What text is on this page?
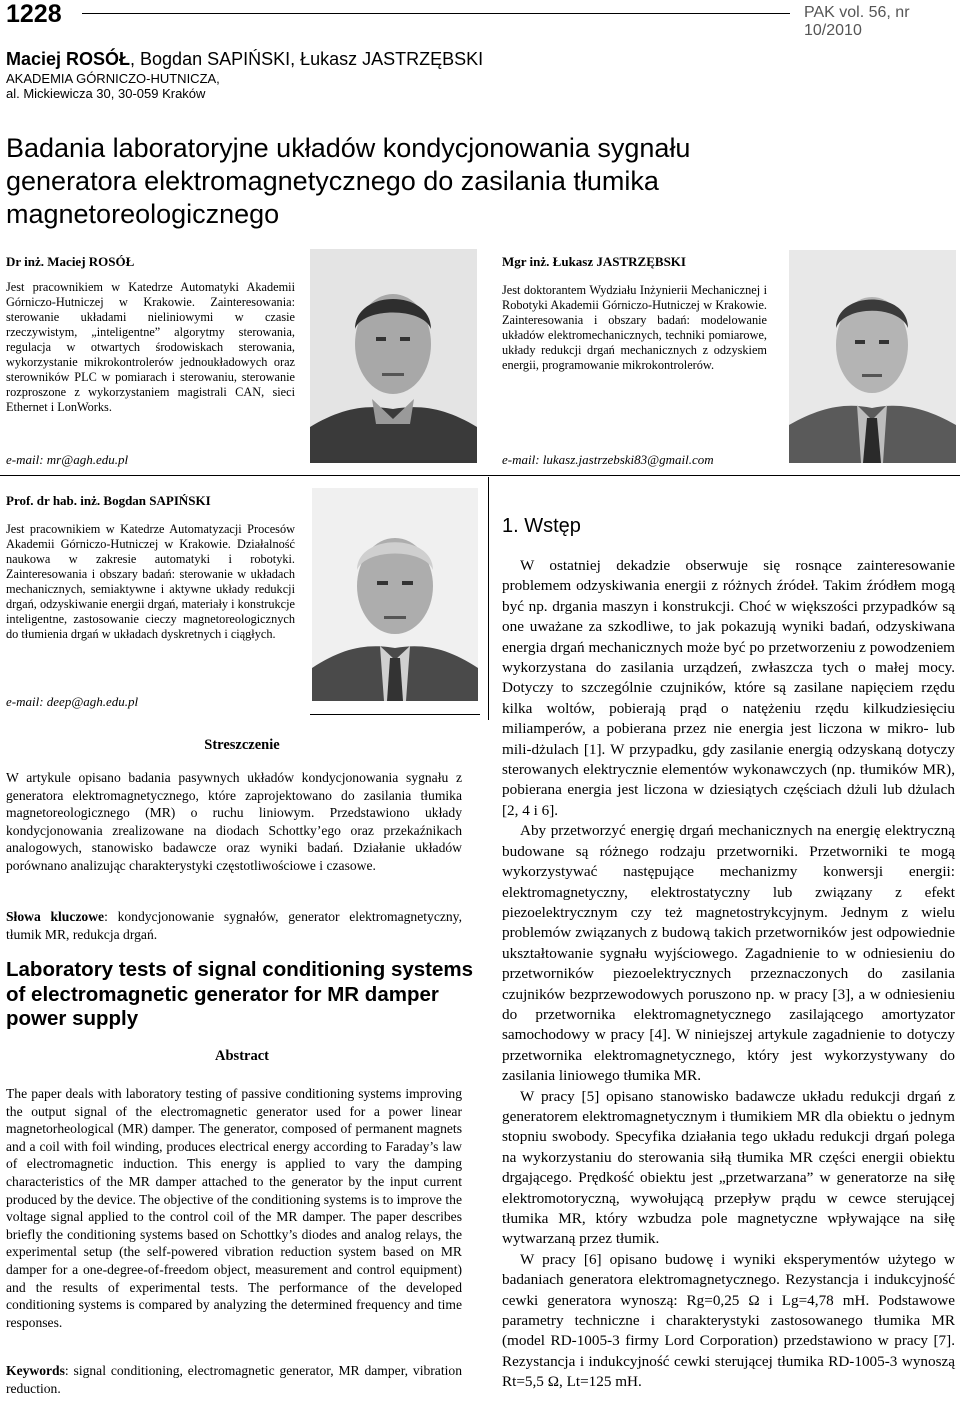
1228	PAK vol. 56, nr 10/2010
Maciej ROSÓŁ, Bogdan SAPIŃSKI, Łukasz JASTRZĘBSKI
AKADEMIA GÓRNICZO-HUTNICZA,
al. Mickiewicza 30, 30-059 Kraków
Badania laboratoryjne układów kondycjonowania sygnału generatora elektromagnetycznego do zasilania tłumika magnetoreologicznego
Dr inż. Maciej ROSÓŁ
Jest pracownikiem w Katedrze Automatyki Akademii Górniczo-Hutniczej w Krakowie. Zainteresowania: sterowanie układami nieliniowymi w czasie rzeczywistym, „inteligentne” algorytmy sterowania, regulacja w otwartych środowiskach sterowania, wykorzystanie mikrokontrolerów jednoukładowych oraz sterowników PLC w pomiarach i sterowaniu, sterowanie rozproszone z wykorzystaniem magistrali CAN, sieci Ethernet i LonWorks.
e-mail: mr@agh.edu.pl
Mgr inż. Łukasz JASTRZĘBSKI
Jest doktorantem Wydziału Inżynierii Mechanicznej i Robotyki Akademii Górniczo-Hutniczej w Krakowie. Zainteresowania i obszary badań: modelowanie układów elektromechanicznych, techniki pomiarowe, układy redukcji drgań mechanicznych z odzyskiem energii, programowanie mikrokontrolerów.
e-mail: lukasz.jastrzebski83@gmail.com
Prof. dr hab. inż. Bogdan SAPIŃSKI
Jest pracownikiem w Katedrze Automatyzacji Procesów Akademii Górniczo-Hutniczej w Krakowie. Działalność naukowa w zakresie automatyki i robotyki. Zainteresowania i obszary badań: sterowanie w układach mechanicznych, semiaktywne i aktywne układy redukcji drgań, odzyskiwanie energii drgań, materiały i konstrukcje inteligentne, zastosowanie cieczy magnetoreologicznych do tłumienia drgań w układach dyskretnych i ciągłych.
e-mail: deep@agh.edu.pl
Streszczenie
W artykule opisano badania pasywnych układów kondycjonowania sygnału z generatora elektromagnetycznego, które zaprojektowano do zasilania tłumika magnetoreologicznego (MR) o ruchu liniowym. Przedstawiono układy kondycjonowania zrealizowane na diodach Schottky’ego oraz przekaźnikach analogowych, stanowisko badawcze oraz wyniki badań. Działanie układów porównano analizując charakterystyki częstotliwościowe i czasowe.
Słowa kluczowe: kondycjonowanie sygnałów, generator elektromagnetyczny, tłumik MR, redukcja drgań.
Laboratory tests of signal conditioning systems of electromagnetic generator for MR damper power supply
Abstract
The paper deals with laboratory testing of passive conditioning systems improving the output signal of the electromagnetic generator used for a power linear magnetorheological (MR) damper. The generator, composed of permanent magnets and a coil with foil winding, produces electrical energy according to Faraday’s law of electromagnetic induction. This energy is applied to vary the damping characteristics of the MR damper attached to the generator by the input current produced by the device. The objective of the conditioning systems is to improve the voltage signal applied to the control coil of the MR damper. The paper describes briefly the conditioning systems based on Schottky’s diodes and analog relays, the experimental setup (the self-powered vibration reduction system based on MR damper for a one-degree-of-freedom object, measurement and control equipment) and the results of experimental tests. The performance of the developed conditioning systems is compared by analyzing the determined frequency and time responses.
Keywords: signal conditioning, electromagnetic generator, MR damper, vibration reduction.
1. Wstęp

W ostatniej dekadzie obserwuje się rosnące zainteresowanie problemem odzyskiwania energii z różnych źródeł. Takim źródłem mogą być np. drgania maszyn i konstrukcji. Choć w większości przypadków są one uważane za szkodliwe, to jak pokazują wyniki badań, odzyskiwana energia drgań mechanicznych może być po przetworzeniu z powodzeniem wykorzystana do zasilania urządzeń, zwłaszcza tych o małej mocy. Dotyczy to szczególnie czujników, które są zasilane napięciem rzędu kilka woltów, pobierają prąd o natężeniu rzędu kilkudziesięciu miliamperów, a pobierana przez nie energia jest liczona w mikro- lub mili-dżulach [1]. W przypadku, gdy zasilanie energią odzyskaną dotyczy sterowanych elektrycznie elementów wykonawczych (np. tłumików MR), pobierana energia jest liczona w dziesiątych częściach dżuli lub dżulach [2, 4 i 6].

Aby przetworzyć energię drgań mechanicznych na energię elektryczną budowane są różnego rodzaju przetworniki. Przetworniki te mogą wykorzystywać następujące mechanizmy konwersji energii: elektromagnetyczny, elektrostatyczny lub związany z efekt piezoelektrycznym czy też magnetostrykcyjnym. Jednym z wielu problemów związanych z budową takich przetworników jest odpowiednie ukształtowanie sygnału wyjściowego. Zagadnienie to w odniesieniu do przetworników piezoelektrycznych przeznaczonych do zasilania czujników bezprzewodowych poruszono np. w pracy [3], a w odniesieniu do przetwornika elektromagnetycznego zasilającego amortyzator samochodowy w pracy [4]. W niniejszej artykule zagadnienie to dotyczy przetwornika elektromagnetycznego, który jest wykorzystywany do zasilania liniowego tłumika MR.

W pracy [5] opisano stanowisko badawcze układu redukcji drgań z generatorem elektromagnetycznym i tłumikiem MR dla obiektu o jednym stopniu swobody. Specyfika działania tego układu redukcji drgań polega na wykorzystaniu do sterowania siłą tłumika MR części energii obiektu drgającego. Prędkość obiektu jest „przetwarzana” w generatorze na siłę elektromotoryczną, wywołującą przepływ prądu w cewce sterującej tłumika MR, który wzbudza pole magnetyczne wpływające na siłę wytwarzaną przez tłumik.

W pracy [6] opisano budowę i wyniki eksperymentów użytego w badaniach generatora elektromagnetycznego. Rezystancja i indukcyjność cewki generatora wynoszą: Rg=0,25 Ω i Lg=4,78 mH. Podstawowe parametry techniczne i charakterystyki zastosowanego tłumika MR (model RD-1005-3 firmy Lord Corporation) przedstawiono w pracy [7]. Rezystancja i indukcyjność cewki sterującej tłumika RD-1005-3 wynoszą Rt=5,5 Ω, Lt=125 mH.
